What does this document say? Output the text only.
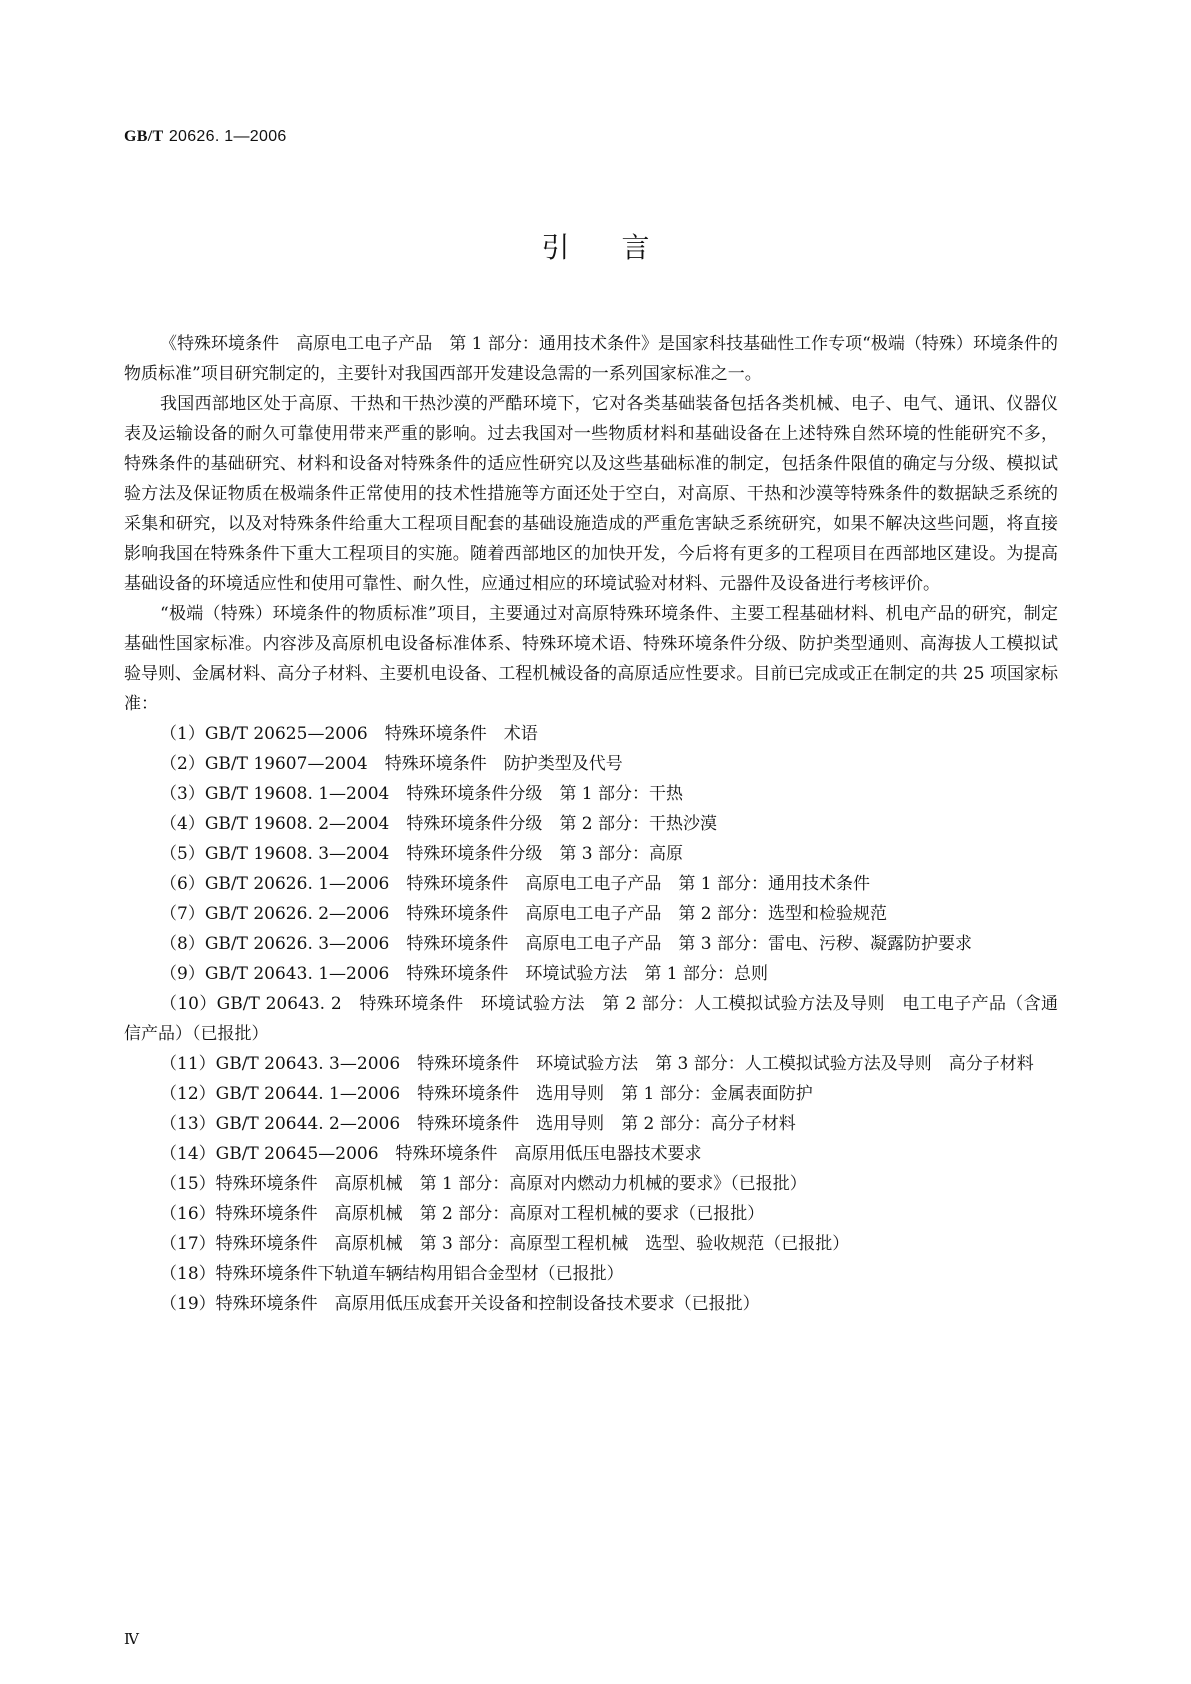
GB/T 20626. 1—2006
引言

《特殊环境条件　高原电工电子产品　第 1 部分：通用技术条件》是国家科技基础性工作专项“极端（特殊）环境条件的物质标准”项目研究制定的，主要针对我国西部开发建设急需的一系列国家标准之一。

我国西部地区处于高原、干热和干热沙漠的严酷环境下，它对各类基础装备包括各类机械、电子、电气、通讯、仪器仪表及运输设备的耐久可靠使用带来严重的影响。过去我国对一些物质材料和基础设备在上述特殊自然环境的性能研究不多，特殊条件的基础研究、材料和设备对特殊条件的适应性研究以及这些基础标准的制定，包括条件限值的确定与分级、模拟试验方法及保证物质在极端条件正常使用的技术性措施等方面还处于空白，对高原、干热和沙漠等特殊条件的数据缺乏系统的采集和研究，以及对特殊条件给重大工程项目配套的基础设施造成的严重危害缺乏系统研究，如果不解决这些问题，将直接影响我国在特殊条件下重大工程项目的实施。随着西部地区的加快开发，今后将有更多的工程项目在西部地区建设。为提高基础设备的环境适应性和使用可靠性、耐久性，应通过相应的环境试验对材料、元器件及设备进行考核评价。

“极端（特殊）环境条件的物质标准”项目，主要通过对高原特殊环境条件、主要工程基础材料、机电产品的研究，制定基础性国家标准。内容涉及高原机电设备标准体系、特殊环境术语、特殊环境条件分级、防护类型通则、高海拔人工模拟试验导则、金属材料、高分子材料、主要机电设备、工程机械设备的高原适应性要求。目前已完成或正在制定的共 25 项国家标准：

（1）GB/T 20625—2006　特殊环境条件　术语

（2）GB/T 19607—2004　特殊环境条件　防护类型及代号

（3）GB/T 19608. 1—2004　特殊环境条件分级　第 1 部分：干热

（4）GB/T 19608. 2—2004　特殊环境条件分级　第 2 部分：干热沙漠

（5）GB/T 19608. 3—2004　特殊环境条件分级　第 3 部分：高原

（6）GB/T 20626. 1—2006　特殊环境条件　高原电工电子产品　第 1 部分：通用技术条件

（7）GB/T 20626. 2—2006　特殊环境条件　高原电工电子产品　第 2 部分：选型和检验规范

（8）GB/T 20626. 3—2006　特殊环境条件　高原电工电子产品　第 3 部分：雷电、污秽、凝露防护要求

（9）GB/T 20643. 1—2006　特殊环境条件　环境试验方法　第 1 部分：总则

（10）GB/T 20643. 2　特殊环境条件　环境试验方法　第 2 部分：人工模拟试验方法及导则　电工电子产品（含通信产品）（已报批）

（11）GB/T 20643. 3—2006　特殊环境条件　环境试验方法　第 3 部分：人工模拟试验方法及导则　高分子材料

（12）GB/T 20644. 1—2006　特殊环境条件　选用导则　第 1 部分：金属表面防护

（13）GB/T 20644. 2—2006　特殊环境条件　选用导则　第 2 部分：高分子材料

（14）GB/T 20645—2006　特殊环境条件　高原用低压电器技术要求

（15）特殊环境条件　高原机械　第 1 部分：高原对内燃动力机械的要求》（已报批）

（16）特殊环境条件　高原机械　第 2 部分：高原对工程机械的要求（已报批）

（17）特殊环境条件　高原机械　第 3 部分：高原型工程机械　选型、验收规范（已报批）

（18）特殊环境条件下轨道车辆结构用铝合金型材（已报批）

（19）特殊环境条件　高原用低压成套开关设备和控制设备技术要求（已报批）

Ⅳ
